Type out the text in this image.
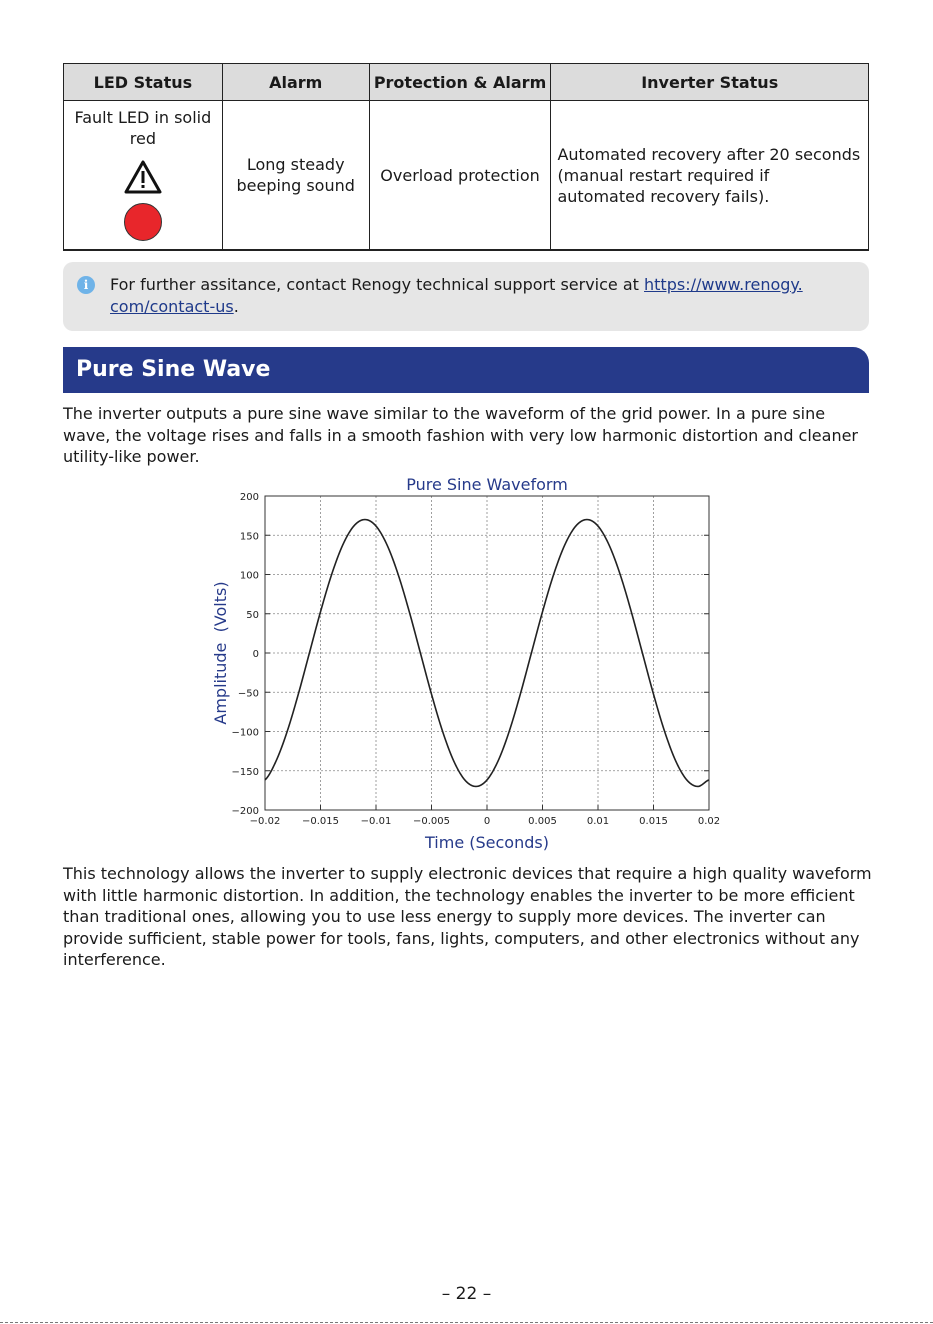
LED Status	Alarm	Protection & Alarm	Inverter Status

Fault LED in solid red	Long steady beeping sound	Overload protection	Automated recovery after 20 seconds (manual restart required if automated recovery fails).
i	For further assitance, contact Renogy technical support service at https://www.renogy.​com/contact-us.
Pure Sine Wave

The inverter outputs a pure sine wave similar to the waveform of the grid power. In a pure sine wave, the voltage rises and falls in a smooth fashion with very low harmonic distortion and cleaner utility-like power.

−0.02 −0.015 −0.01 −0.005	0	0.005	0.01	0.015	0.02
200
150
100
50
0
−50
−100
−150
−200
Pure Sine Waveform
Time (Seconds)
Amplitude  (Volts)

This technology allows the inverter to supply electronic devices that require a high quality waveform with little harmonic distortion. In addition, the technology enables the inverter to be more efficient than traditional ones, allowing you to use less energy to supply more devices. The inverter can provide sufficient, stable power for tools, fans, lights, computers, and other electronics without any interference.

– 22 –
